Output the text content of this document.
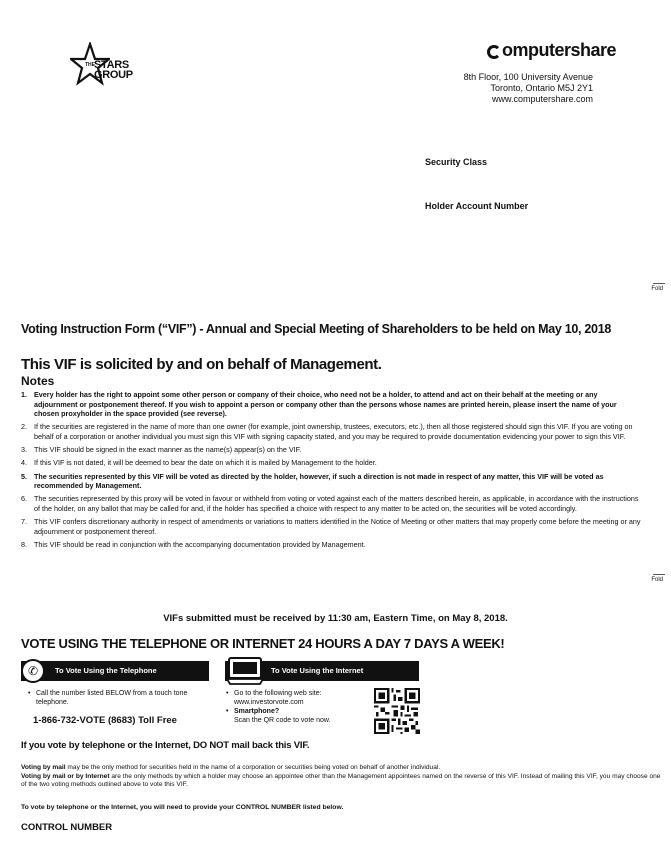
THE STARS
GROUP
omputershare
8th Floor, 100 University Avenue
Toronto, Ontario M5J 2Y1
www.computershare.com
Security Class
Holder Account Number
Fold
Fold
Voting Instruction Form (“VIF”) - Annual and Special Meeting of Shareholders to be held on May 10, 2018
This VIF is solicited by and on behalf of Management.
Notes
1. Every holder has the right to appoint some other person or company of their choice, who need not be a holder, to attend and act on their behalf at the meeting or any adjournment or postponement thereof. If you wish to appoint a person or company other than the persons whose names are printed herein, please insert the name of your chosen proxyholder in the space provided (see reverse).
2. If the securities are registered in the name of more than one owner (for example, joint ownership, trustees, executors, etc.), then all those registered should sign this VIF. If you are voting on behalf of a corporation or another individual you must sign this VIF with signing capacity stated, and you may be required to provide documentation evidencing your power to sign this VIF.
3. This VIF should be signed in the exact manner as the name(s) appear(s) on the VIF.
4. If this VIF is not dated, it will be deemed to bear the date on which it is mailed by Management to the holder.
5. The securities represented by this VIF will be voted as directed by the holder, however, if such a direction is not made in respect of any matter, this VIF will be voted as recommended by Management.
6. The securities represented by this proxy will be voted in favour or withheld from voting or voted against each of the matters described herein, as applicable, in accordance with the instructions of the holder, on any ballot that may be called for and, if the holder has specified a choice with respect to any matter to be acted on, the securities will be voted accordingly.
7. This VIF confers discretionary authority in respect of amendments or variations to matters identified in the Notice of Meeting or other matters that may properly come before the meeting or any adjournment or postponement thereof.
8. This VIF should be read in conjunction with the accompanying documentation provided by Management.
VIFs submitted must be received by 11:30 am, Eastern Time, on May 8, 2018.
VOTE USING THE TELEPHONE OR INTERNET 24 HOURS A DAY 7 DAYS A WEEK!
To Vote Using the Telephone
✆
• Call the number listed BELOW from a touch tone telephone.
1-866-732-VOTE (8683) Toll Free
To Vote Using the Internet
• Go to the following web site:
www.investorvote.com
• Smartphone?
Scan the QR code to vote now.
If you vote by telephone or the Internet, DO NOT mail back this VIF.
Voting by mail may be the only method for securities held in the name of a corporation or securities being voted on behalf of another individual.
Voting by mail or by Internet are the only methods by which a holder may choose an appointee other than the Management appointees named on the reverse of this VIF. Instead of mailing this VIF, you may choose one of the two voting methods outlined above to vote this VIF.
To vote by telephone or the Internet, you will need to provide your CONTROL NUMBER listed below.
CONTROL NUMBER
